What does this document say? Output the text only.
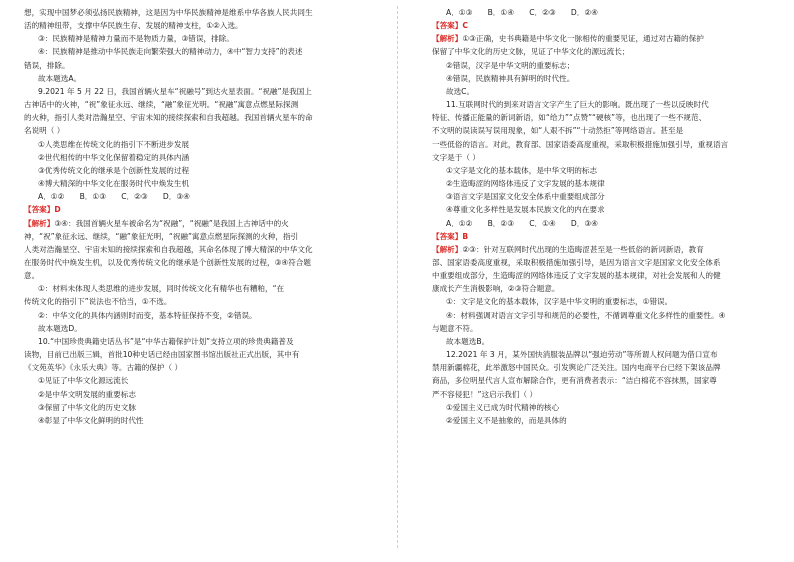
想，实现中国梦必须弘扬民族精神，这是因为中华民族精神是维系中华各族人民共同生
活的精神纽带，支撑中华民族生存、发展的精神支柱，①②入选。
③：民族精神是精神力量而不是物质力量，③错误，排除。
④：民族精神是推动中华民族走向繁荣强大的精神动力，④中“智力支持”的表述
错误，排除。
故本题选A。
9.2021 年 5 月 22 日，我国首辆火星车“祝融号”到达火星表面。“祝融”是我国上
古神话中的火神，“祝”象征永远、继续，“融”象征光明。“祝融”寓意点燃星际探测
的火种，指引人类对浩瀚星空、宇宙未知的接续探索和自我超越。我国首辆火星车的命
名说明（ ）
①人类思维在传统文化的指引下不断进步发展
②世代相传的中华文化保留着稳定的具体内涵
③优秀传统文化的继承是个创新性发展的过程
④博大精深的中华文化在服务时代中焕发生机
A．①②　　B．①③　　C．②③　　D．③④
【答案】D
【解析】③④：我国首辆火星车被命名为“祝融”，“祝融”是我国上古神话中的火
神，“祝”象征永远、继续，“融”象征光明，“祝融”寓意点燃星际探测的火种，指引
人类对浩瀚星空、宇宙未知的接续探索和自我超越，其命名体现了博大精深的中华文化
在服务时代中焕发生机，以及优秀传统文化的继承是个创新性发展的过程，③④符合题
意。
①：材料未体现人类思维的进步发展，同时传统文化有精华也有糟粕，“在
传统文化的指引下”说法也不恰当，①不选。
②：中华文化的具体内涵则时而变，基本特征保持不变，②错误。
故本题选D。
10.“中国珍贵典籍史话丛书”是“中华古籍保护计划”支持立项的珍贵典籍普及
读物，目前已出版三辑，首批10种史话已经由国家图书馆出版社正式出版，其中有
《文苑英华》《永乐大典》等。古籍的保护（ ）
①见证了中华文化源远流长
②是中华文明发展的重要标志
③保留了中华文化的历史文脉
④彰显了中华文化鲜明的时代性
A．①③　　B．①④　　C．②③　　D．②④
【答案】C
【解析】①③正确，史书典籍是中华文化一脉相传的重要见证，通过对古籍的保护
保留了中华文化的历史文脉，见证了中华文化的源远流长；
②错误，汉字是中华文明的重要标志；
④错误，民族精神具有鲜明的时代性。
故选C。
11.互联网时代的到来对语言文字产生了巨大的影响。既出现了一些以反映时代
特征、传播正能量的新词新语，如“给力”“点赞”“硬核”等，也出现了一些不规范、
不文明的误读误写误用现象，如“人艰不拆”“十动然拒”等网络语言。甚至是
一些低俗的语言。对此，教育部、国家语委高度重视，采取积极措施加强引导，重视语言
文字是于（ ）
①文字是文化的基本载体，是中华文明的标志
②生造晦涩的网络体违反了文字发展的基本规律
③语言文字是国家文化安全体系中重要组成部分
④尊重文化多样性是发展本民族文化的内在要求
A．①②　　B．②③　　C．①④　　D．③④
【答案】B
【解析】②③：针对互联网时代出现的生造晦涩甚至是一些低俗的新词新语，教育
部、国家语委高度重视，采取积极措施加强引导，是因为语言文字是国家文化安全体系
中重要组成部分，生造晦涩的网络体违反了文字发展的基本规律，对社会发展和人的健
康成长产生消极影响，②③符合题意。
①：文字是文化的基本载体，汉字是中华文明的重要标志，①错误。
④：材料强调对语言文字引导和规范的必要性，不循调尊重文化多样性的重要性。④
与题意不符。
故本题选B。
12.2021 年 3 月，某外国快消服装品牌以“强迫劳动”等所谓人权问题为借口宣布
禁用新疆棉花，此举激怒中国民众。引发舆论广泛关注。国内电商平台已经下架该品牌
商品，多位明星代言人宣布解除合作，更有消费者表示：“洁白棉花不容抹黑，国家尊
严不容侵犯！”这启示我们（ ）
①爱国主义已成为时代精神的核心
②爱国主义不是抽象的，而是具体的
